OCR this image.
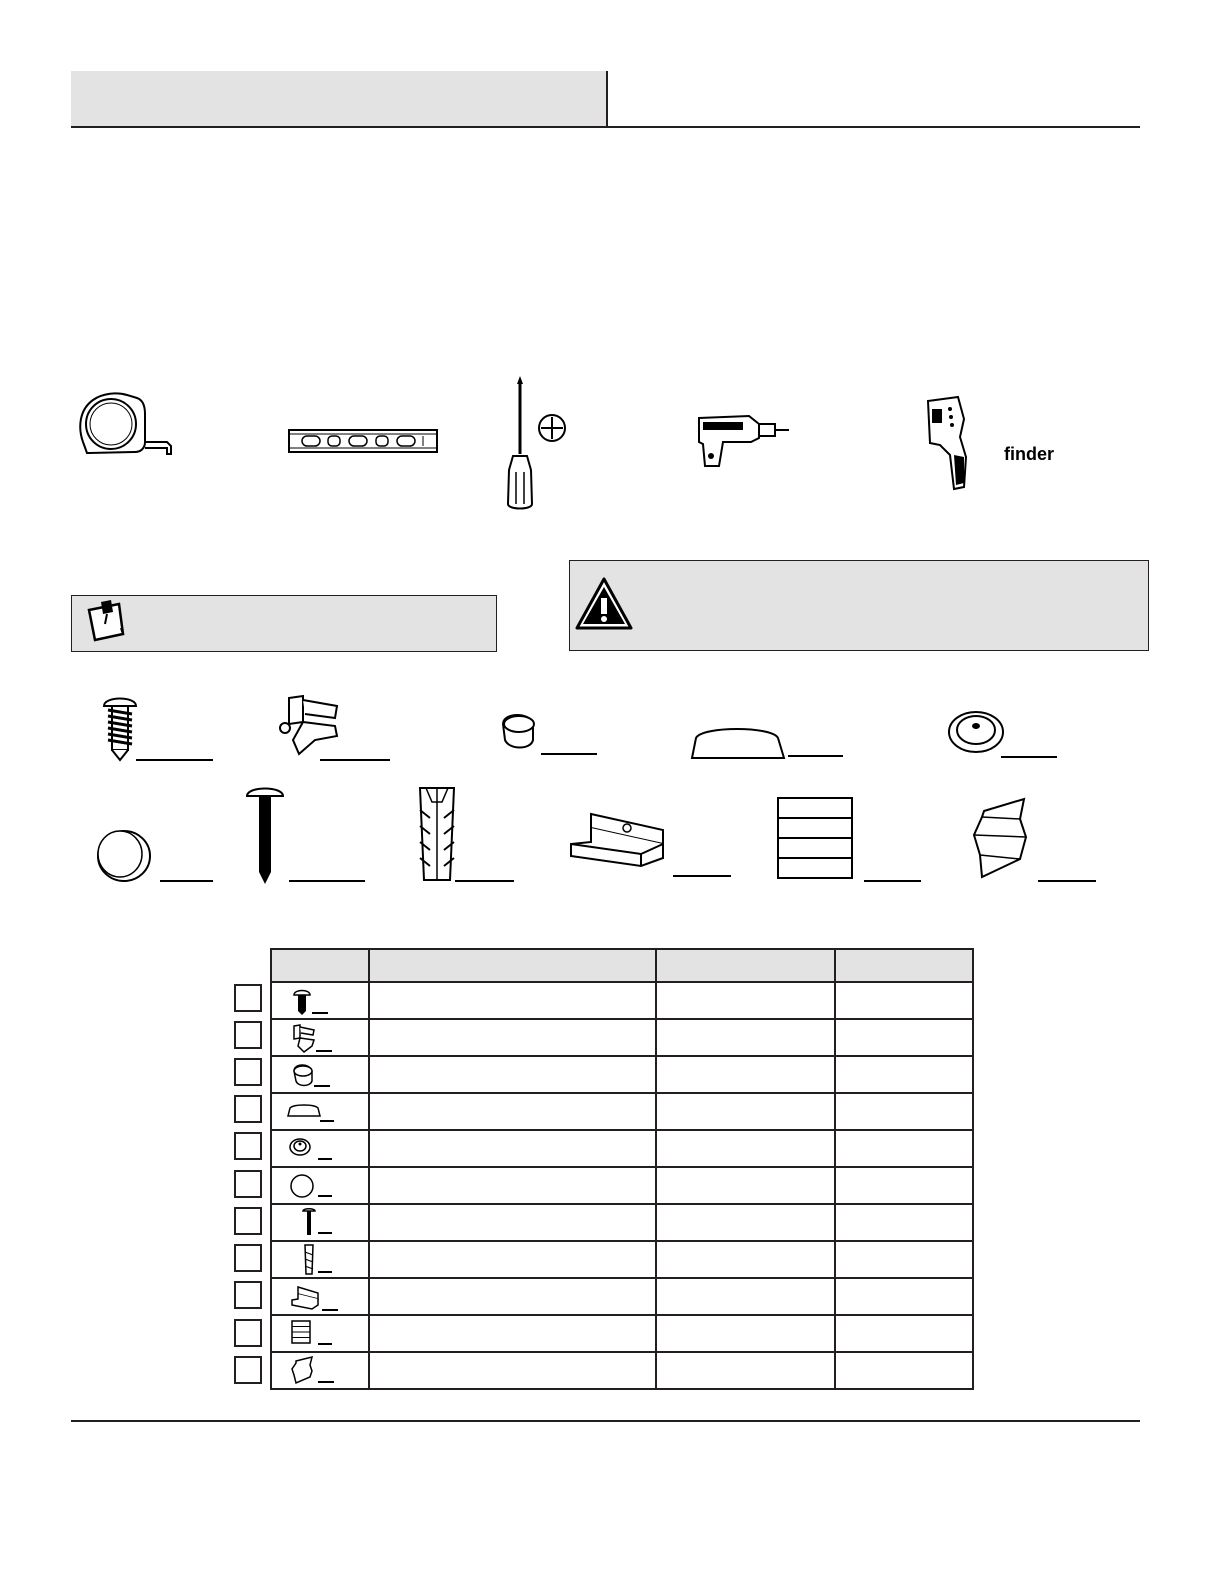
finder
